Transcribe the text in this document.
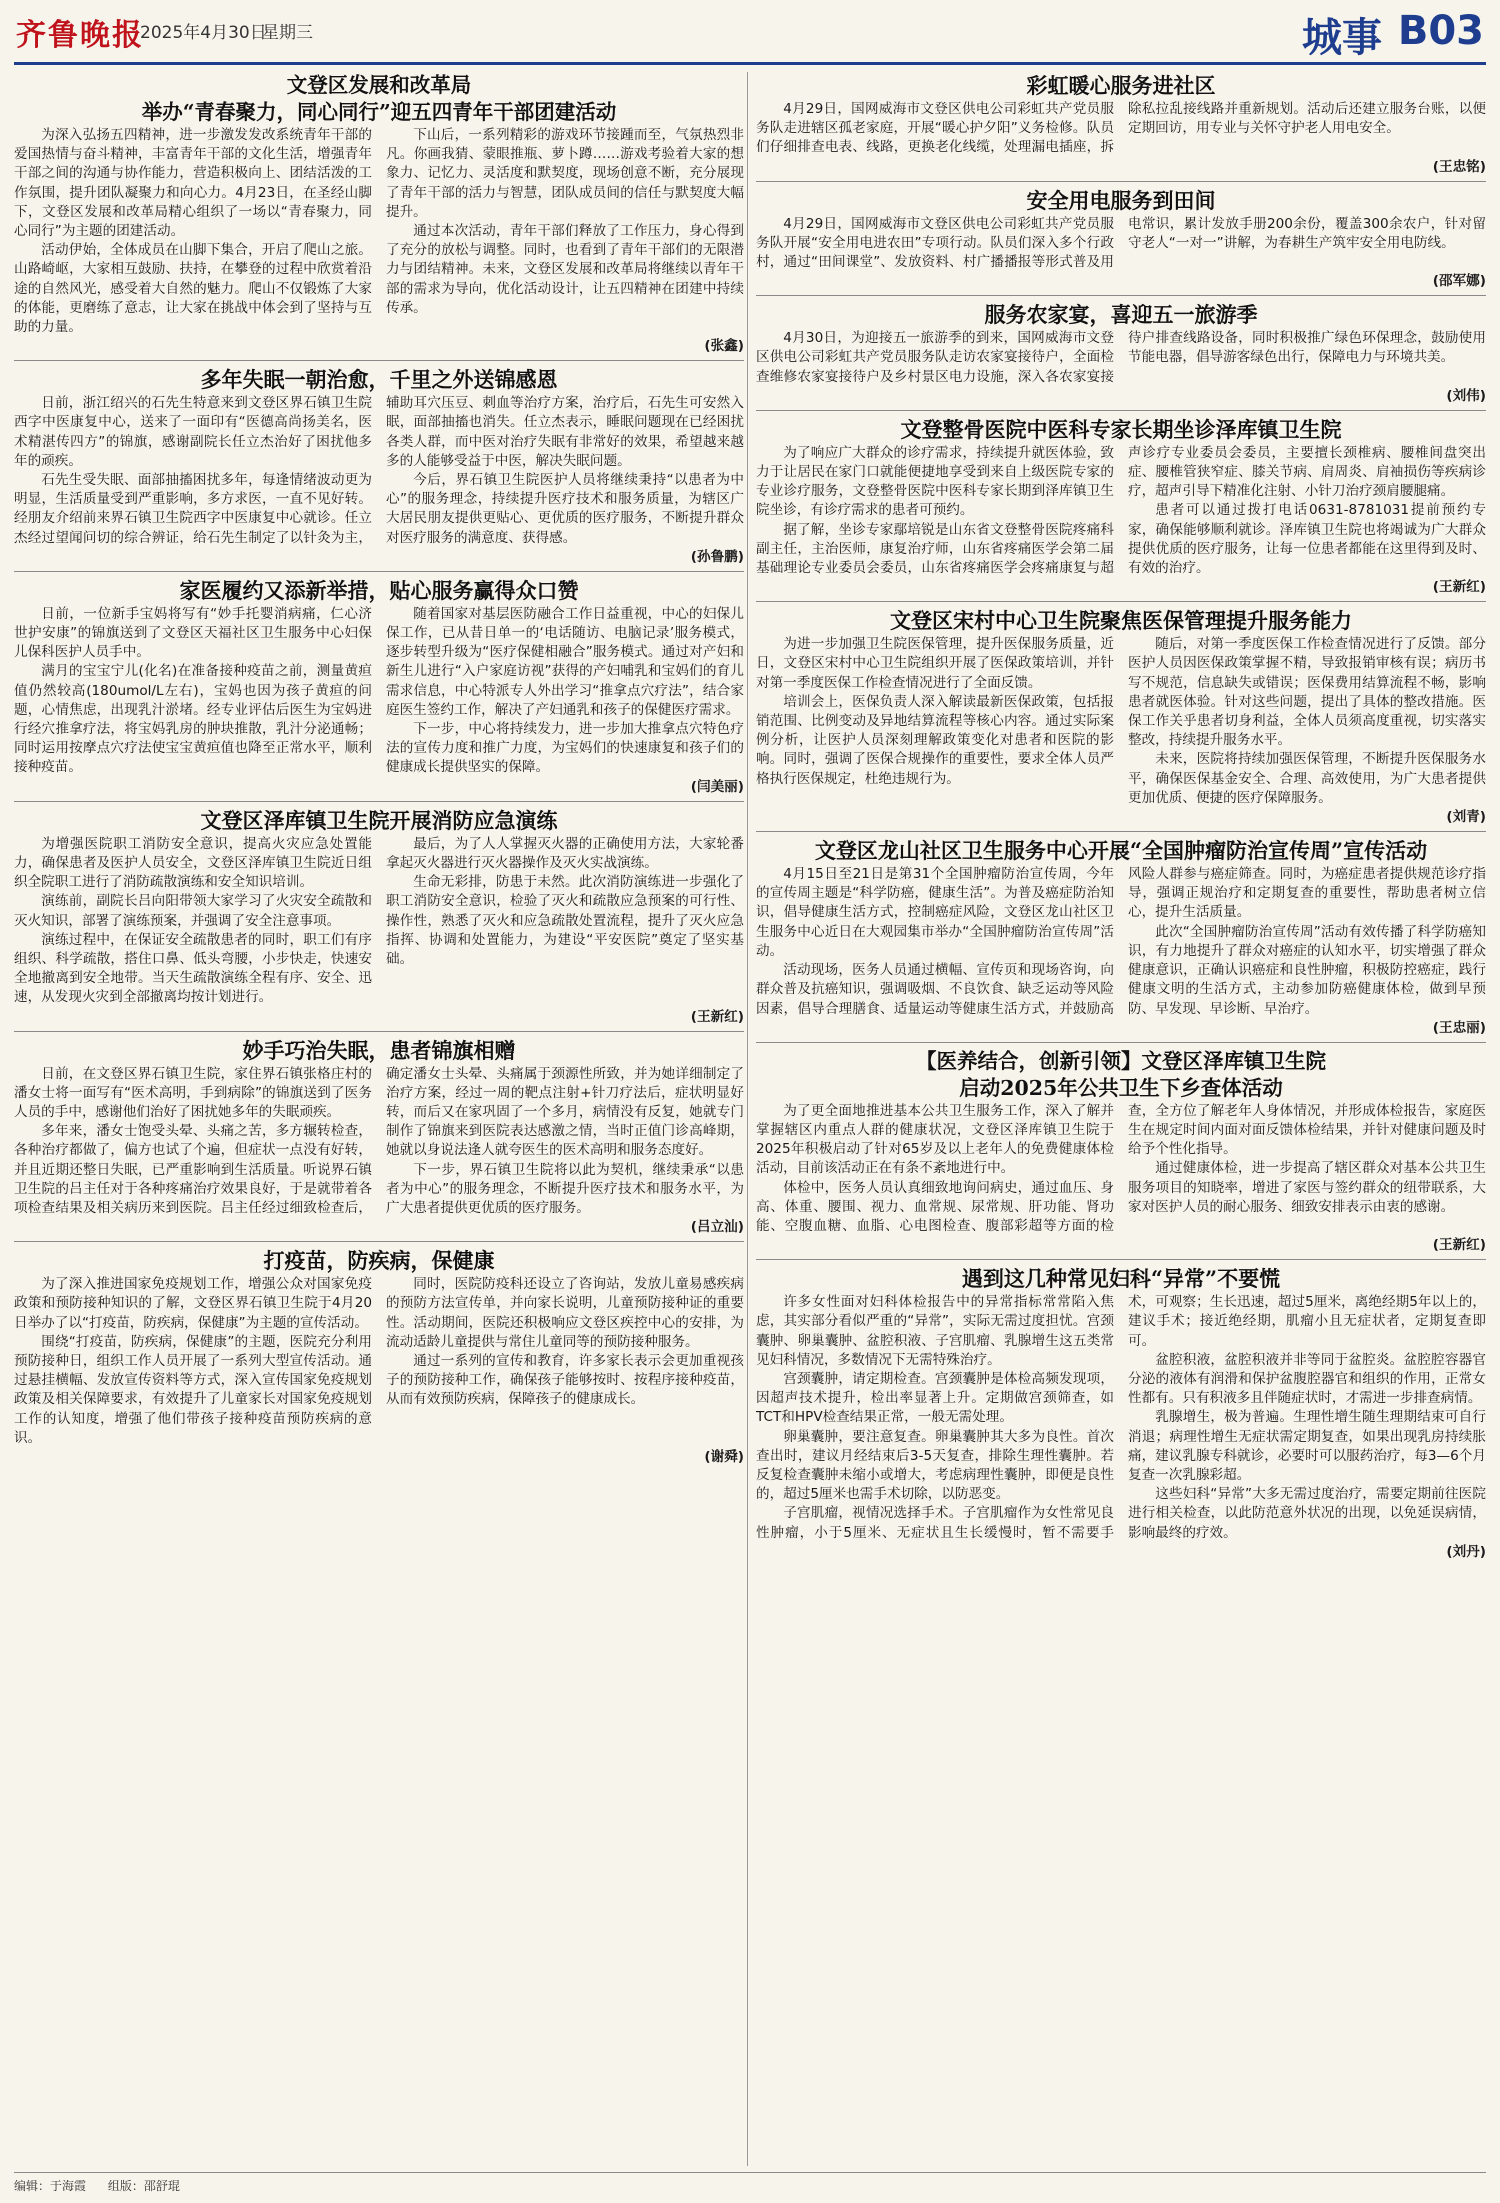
齐鲁晚报
2025年4月30日
星期三	城事 B03
文登区发展和改革局
举办“青春聚力，同心同行”迎五四青年干部团建活动

为深入弘扬五四精神，进一步激发发改系统青年干部的爱国热情与奋斗精神，丰富青年干部的文化生活，增强青年干部之间的沟通与协作能力，营造积极向上、团结活泼的工作氛围，提升团队凝聚力和向心力。4月23日，在圣经山脚下，文登区发展和改革局精心组织了一场以“青春聚力，同心同行”为主题的团建活动。

活动伊始，全体成员在山脚下集合，开启了爬山之旅。山路崎岖，大家相互鼓励、扶持，在攀登的过程中欣赏着沿途的自然风光，感受着大自然的魅力。爬山不仅锻炼了大家的体能，更磨练了意志，让大家在挑战中体会到了坚持与互助的力量。

下山后，一系列精彩的游戏环节接踵而至，气氛热烈非凡。你画我猜、蒙眼推瓶、萝卜蹲……游戏考验着大家的想象力、记忆力、灵活度和默契度，现场创意不断，充分展现了青年干部的活力与智慧，团队成员间的信任与默契度大幅提升。

通过本次活动，青年干部们释放了工作压力，身心得到了充分的放松与调整。同时，也看到了青年干部们的无限潜力与团结精神。未来，文登区发展和改革局将继续以青年干部的需求为导向，优化活动设计，让五四精神在团建中持续传承。

(张鑫)
多年失眠一朝治愈，千里之外送锦感恩

日前，浙江绍兴的石先生特意来到文登区界石镇卫生院西字中医康复中心，送来了一面印有“医德高尚扬美名，医术精湛传四方”的锦旗，感谢副院长任立杰治好了困扰他多年的顽疾。

石先生受失眠、面部抽搐困扰多年，每逢情绪波动更为明显，生活质量受到严重影响，多方求医，一直不见好转。经朋友介绍前来界石镇卫生院西字中医康复中心就诊。任立杰经过望闻问切的综合辨证，给石先生制定了以针灸为主，辅助耳穴压豆、刺血等治疗方案，治疗后，石先生可安然入眠，面部抽搐也消失。任立杰表示，睡眠问题现在已经困扰各类人群，而中医对治疗失眠有非常好的效果，希望越来越多的人能够受益于中医，解决失眠问题。

今后，界石镇卫生院医护人员将继续秉持“以患者为中心”的服务理念，持续提升医疗技术和服务质量，为辖区广大居民朋友提供更贴心、更优质的医疗服务，不断提升群众对医疗服务的满意度、获得感。

(孙鲁鹏)
家医履约又添新举措，贴心服务赢得众口赞

日前，一位新手宝妈将写有“妙手托婴消病痛，仁心济世护安康”的锦旗送到了文登区天福社区卫生服务中心妇保儿保科医护人员手中。

满月的宝宝宁儿(化名)在准备接种疫苗之前，测量黄疸值仍然较高(180umol/L左右)，宝妈也因为孩子黄疸的问题，心情焦虑，出现乳汁淤堵。经专业评估后医生为宝妈进行经穴推拿疗法，将宝妈乳房的肿块推散，乳汁分泌通畅；同时运用按摩点穴疗法使宝宝黄疸值也降至正常水平，顺利接种疫苗。

随着国家对基层医防融合工作日益重视，中心的妇保儿保工作，已从昔日单一的‘电话随访、电脑记录’服务模式，逐步转型升级为“医疗保健相融合”服务模式。通过对产妇和新生儿进行“入户家庭访视”获得的产妇哺乳和宝妈们的育儿需求信息，中心特派专人外出学习“推拿点穴疗法”，结合家庭医生签约工作，解决了产妇通乳和孩子的保健医疗需求。

下一步，中心将持续发力，进一步加大推拿点穴特色疗法的宣传力度和推广力度，为宝妈们的快速康复和孩子们的健康成长提供坚实的保障。

(闫美丽)
文登区泽库镇卫生院开展消防应急演练

为增强医院职工消防安全意识，提高火灾应急处置能力，确保患者及医护人员安全，文登区泽库镇卫生院近日组织全院职工进行了消防疏散演练和安全知识培训。

演练前，副院长吕向阳带领大家学习了火灾安全疏散和灭火知识，部署了演练预案，并强调了安全注意事项。

演练过程中，在保证安全疏散患者的同时，职工们有序组织、科学疏散，搭住口鼻、低头弯腰，小步快走，快速安全地撤离到安全地带。当天生疏散演练全程有序、安全、迅速，从发现火灾到全部撤离均按计划进行。

最后，为了人人掌握灭火器的正确使用方法，大家轮番拿起灭火器进行灭火器操作及灭火实战演练。

生命无彩排，防患于未然。此次消防演练进一步强化了职工消防安全意识，检验了灭火和疏散应急预案的可行性、操作性，熟悉了灭火和应急疏散处置流程，提升了灭火应急指挥、协调和处置能力，为建设“平安医院”奠定了坚实基础。

(王新红)
妙手巧治失眠，患者锦旗相赠

日前，在文登区界石镇卫生院，家住界石镇张格庄村的潘女士将一面写有“医术高明，手到病除”的锦旗送到了医务人员的手中，感谢他们治好了困扰她多年的失眠顽疾。

多年来，潘女士饱受头晕、头痛之苦，多方辗转检查，各种治疗都做了，偏方也试了个遍，但症状一点没有好转，并且近期还整日失眠，已严重影响到生活质量。听说界石镇卫生院的吕主任对于各种疼痛治疗效果良好，于是就带着各项检查结果及相关病历来到医院。吕主任经过细致检查后，确定潘女士头晕、头痛属于颈源性所致，并为她详细制定了治疗方案，经过一周的靶点注射+针刀疗法后，症状明显好转，而后又在家巩固了一个多月，病情没有反复，她就专门制作了锦旗来到医院表达感激之情，当时正值门诊高峰期，她就以身说法逢人就夸医生的医术高明和服务态度好。

下一步，界石镇卫生院将以此为契机，继续秉承“以患者为中心”的服务理念，不断提升医疗技术和服务水平，为广大患者提供更优质的医疗服务。

(吕立汕)
打疫苗，防疾病，保健康

为了深入推进国家免疫规划工作，增强公众对国家免疫政策和预防接种知识的了解，文登区界石镇卫生院于4月20日举办了以“打疫苗，防疾病，保健康”为主题的宣传活动。

围绕“打疫苗，防疾病，保健康”的主题，医院充分利用预防接种日，组织工作人员开展了一系列大型宣传活动。通过悬挂横幅、发放宣传资料等方式，深入宣传国家免疫规划政策及相关保障要求，有效提升了儿童家长对国家免疫规划工作的认知度，增强了他们带孩子接种疫苗预防疾病的意识。

同时，医院防疫科还设立了咨询站，发放儿童易感疾病的预防方法宣传单，并向家长说明，儿童预防接种证的重要性。活动期间，医院还积极响应文登区疾控中心的安排，为流动适龄儿童提供与常住儿童同等的预防接种服务。

通过一系列的宣传和教育，许多家长表示会更加重视孩子的预防接种工作，确保孩子能够按时、按程序接种疫苗，从而有效预防疾病，保障孩子的健康成长。

(谢舜)
彩虹暖心服务进社区

4月29日，国网威海市文登区供电公司彩虹共产党员服务队走进辖区孤老家庭，开展“暖心护夕阳”义务检修。队员们仔细排查电表、线路，更换老化线缆，处理漏电插座，拆除私拉乱接线路并重新规划。活动后还建立服务台账，以便定期回访，用专业与关怀守护老人用电安全。

(王忠铭)
安全用电服务到田间

4月29日，国网威海市文登区供电公司彩虹共产党员服务队开展“安全用电进农田”专项行动。队员们深入多个行政村，通过“田间课堂”、发放资料、村广播播报等形式普及用电常识，累计发放手册200余份，覆盖300余农户，针对留守老人“一对一”讲解，为春耕生产筑牢安全用电防线。

(邵军娜)
服务农家宴，喜迎五一旅游季

4月30日，为迎接五一旅游季的到来，国网威海市文登区供电公司彩虹共产党员服务队走访农家宴接待户，全面检查维修农家宴接待户及乡村景区电力设施，深入各农家宴接待户排查线路设备，同时积极推广绿色环保理念，鼓励使用节能电器，倡导游客绿色出行，保障电力与环境共美。

(刘伟)
文登整骨医院中医科专家长期坐诊泽库镇卫生院

为了响应广大群众的诊疗需求，持续提升就医体验，致力于让居民在家门口就能便捷地享受到来自上级医院专家的专业诊疗服务，文登整骨医院中医科专家长期到泽库镇卫生院坐诊，有诊疗需求的患者可预约。

据了解，坐诊专家鄢培锐是山东省文登整骨医院疼痛科副主任，主治医师，康复治疗师，山东省疼痛医学会第二届基础理论专业委员会委员，山东省疼痛医学会疼痛康复与超声诊疗专业委员会委员，主要擅长颈椎病、腰椎间盘突出症、腰椎管狭窄症、膝关节病、肩周炎、肩袖损伤等疾病诊疗，超声引导下精准化注射、小针刀治疗颈肩腰腿痛。

患者可以通过拨打电话0631-8781031提前预约专家，确保能够顺利就诊。泽库镇卫生院也将竭诚为广大群众提供优质的医疗服务，让每一位患者都能在这里得到及时、有效的治疗。

(王新红)
文登区宋村中心卫生院聚焦医保管理提升服务能力

为进一步加强卫生院医保管理，提升医保服务质量，近日，文登区宋村中心卫生院组织开展了医保政策培训，并针对第一季度医保工作检查情况进行了全面反馈。

培训会上，医保负责人深入解读最新医保政策，包括报销范围、比例变动及异地结算流程等核心内容。通过实际案例分析，让医护人员深刻理解政策变化对患者和医院的影响。同时，强调了医保合规操作的重要性，要求全体人员严格执行医保规定，杜绝违规行为。

随后，对第一季度医保工作检查情况进行了反馈。部分医护人员因医保政策掌握不精，导致报销审核有误；病历书写不规范，信息缺失或错误；医保费用结算流程不畅，影响患者就医体验。针对这些问题，提出了具体的整改措施。医保工作关乎患者切身利益，全体人员须高度重视，切实落实整改，持续提升服务水平。

未来，医院将持续加强医保管理，不断提升医保服务水平，确保医保基金安全、合理、高效使用，为广大患者提供更加优质、便捷的医疗保障服务。

(刘青)
文登区龙山社区卫生服务中心开展“全国肿瘤防治宣传周”宣传活动

4月15日至21日是第31个全国肿瘤防治宣传周，今年的宣传周主题是“科学防癌，健康生活”。为普及癌症防治知识，倡导健康生活方式，控制癌症风险，文登区龙山社区卫生服务中心近日在大观园集市举办“全国肿瘤防治宣传周”活动。

活动现场，医务人员通过横幅、宣传页和现场咨询，向群众普及抗癌知识，强调吸烟、不良饮食、缺乏运动等风险因素，倡导合理膳食、适量运动等健康生活方式，并鼓励高风险人群参与癌症筛查。同时，为癌症患者提供规范诊疗指导，强调正规治疗和定期复查的重要性，帮助患者树立信心，提升生活质量。

此次“全国肿瘤防治宣传周”活动有效传播了科学防癌知识，有力地提升了群众对癌症的认知水平，切实增强了群众健康意识，正确认识癌症和良性肿瘤，积极防控癌症，践行健康文明的生活方式，主动参加防癌健康体检，做到早预防、早发现、早诊断、早治疗。

(王忠丽)
【医养结合，创新引领】文登区泽库镇卫生院
启动2025年公共卫生下乡查体活动

为了更全面地推进基本公共卫生服务工作，深入了解并掌握辖区内重点人群的健康状况，文登区泽库镇卫生院于2025年积极启动了针对65岁及以上老年人的免费健康体检活动，目前该活动正在有条不紊地进行中。

体检中，医务人员认真细致地询问病史，通过血压、身高、体重、腰围、视力、血常规、尿常规、肝功能、肾功能、空腹血糖、血脂、心电图检查、腹部彩超等方面的检查，全方位了解老年人身体情况，并形成体检报告，家庭医生在规定时间内面对面反馈体检结果，并针对健康问题及时给予个性化指导。

通过健康体检，进一步提高了辖区群众对基本公共卫生服务项目的知晓率，增进了家医与签约群众的纽带联系，大家对医护人员的耐心服务、细致安排表示由衷的感谢。

(王新红)
遇到这几种常见妇科“异常”不要慌

许多女性面对妇科体检报告中的异常指标常常陷入焦虑，其实部分看似严重的“异常”，实际无需过度担忧。宫颈囊肿、卵巢囊肿、盆腔积液、子宫肌瘤、乳腺增生这五类常见妇科情况，多数情况下无需特殊治疗。

宫颈囊肿，请定期检查。宫颈囊肿是体检高频发现项，因超声技术提升，检出率显著上升。定期做宫颈筛查，如TCT和HPV检查结果正常，一般无需处理。

卵巢囊肿，要注意复查。卵巢囊肿其大多为良性。首次查出时，建议月经结束后3-5天复查，排除生理性囊肿。若反复检查囊肿未缩小或增大，考虑病理性囊肿，即便是良性的，超过5厘米也需手术切除，以防恶变。

子宫肌瘤，视情况选择手术。子宫肌瘤作为女性常见良性肿瘤，小于5厘米、无症状且生长缓慢时，暂不需要手术，可观察；生长迅速，超过5厘米，离绝经期5年以上的，建议手术；接近绝经期，肌瘤小且无症状者，定期复查即可。

盆腔积液，盆腔积液并非等同于盆腔炎。盆腔腔容器官分泌的液体有润滑和保护盆腹腔器官和组织的作用，正常女性都有。只有积液多且伴随症状时，才需进一步排查病情。

乳腺增生，极为普遍。生理性增生随生理期结束可自行消退；病理性增生无症状需定期复查，如果出现乳房持续胀痛，建议乳腺专科就诊，必要时可以服药治疗，每3—6个月复查一次乳腺彩超。

这些妇科“异常”大多无需过度治疗，需要定期前往医院进行相关检查，以此防范意外状况的出现，以免延误病情，影响最终的疗效。

(刘丹)
编辑：于海霞 组版：邵舒琨
